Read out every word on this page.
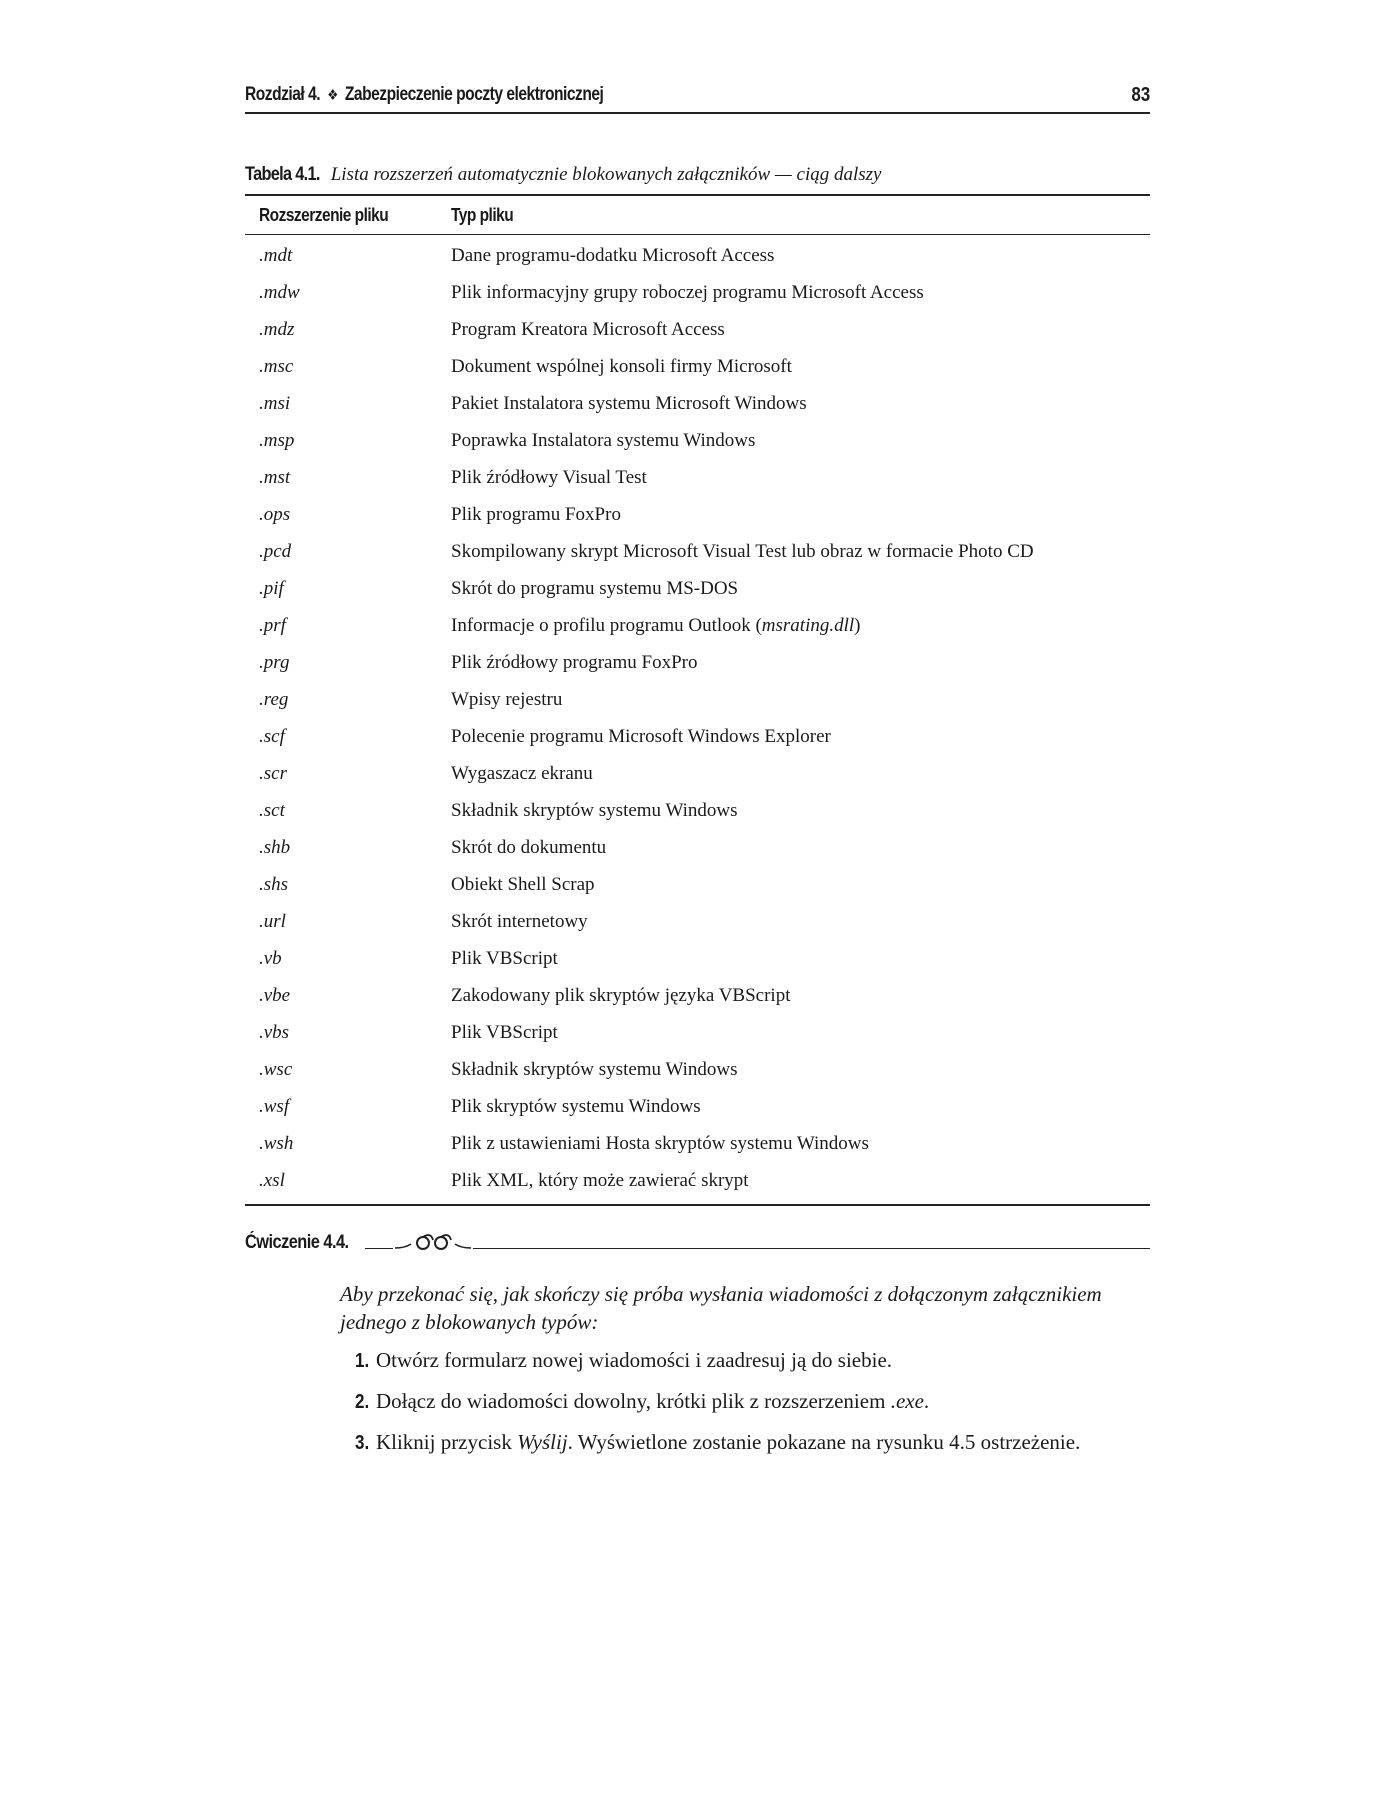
Rozdział 4. ❖ Zabezpieczenie poczty elektronicznej	83
Tabela 4.1. Lista rozszerzeń automatycznie blokowanych załączników — ciąg dalszy
Rozszerzenie pliku	Typ pliku
.mdt	Dane programu-dodatku Microsoft Access
.mdw	Plik informacyjny grupy roboczej programu Microsoft Access
.mdz	Program Kreatora Microsoft Access
.msc	Dokument wspólnej konsoli firmy Microsoft
.msi	Pakiet Instalatora systemu Microsoft Windows
.msp	Poprawka Instalatora systemu Windows
.mst	Plik źródłowy Visual Test
.ops	Plik programu FoxPro
.pcd	Skompilowany skrypt Microsoft Visual Test lub obraz w formacie Photo CD
.pif	Skrót do programu systemu MS-DOS
.prf	Informacje o profilu programu Outlook (msrating.dll)
.prg	Plik źródłowy programu FoxPro
.reg	Wpisy rejestru
.scf	Polecenie programu Microsoft Windows Explorer
.scr	Wygaszacz ekranu
.sct	Składnik skryptów systemu Windows
.shb	Skrót do dokumentu
.shs	Obiekt Shell Scrap
.url	Skrót internetowy
.vb	Plik VBScript
.vbe	Zakodowany plik skryptów języka VBScript
.vbs	Plik VBScript
.wsc	Składnik skryptów systemu Windows
.wsf	Plik skryptów systemu Windows
.wsh	Plik z ustawieniami Hosta skryptów systemu Windows
.xsl	Plik XML, który może zawierać skrypt
Ćwiczenie 4.4.
Aby przekonać się, jak skończy się próba wysłania wiadomości z dołączonym załącznikiem jednego z blokowanych typów:
1. Otwórz formularz nowej wiadomości i zaadresuj ją do siebie.
2. Dołącz do wiadomości dowolny, krótki plik z rozszerzeniem .exe.
3. Kliknij przycisk Wyślij. Wyświetlone zostanie pokazane na rysunku 4.5 ostrzeżenie.
